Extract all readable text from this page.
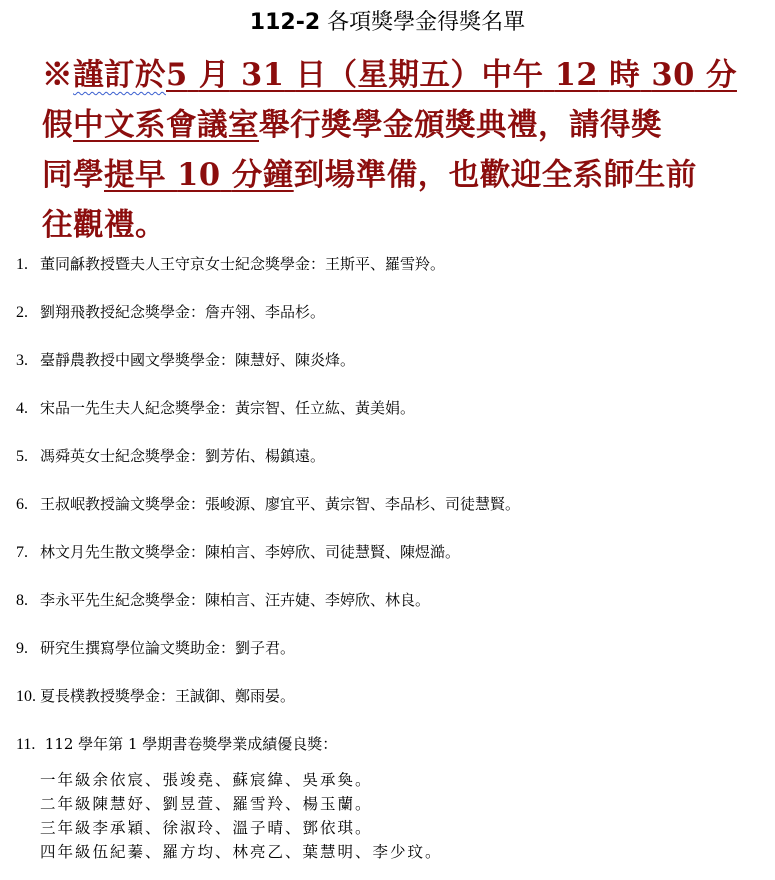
112-2 各項獎學金得獎名單
※謹訂於5 月 31 日（星期五）中午 12 時 30 分
假中文系會議室舉行獎學金頒獎典禮，請得獎
同學提早 10 分鐘到場準備，也歡迎全系師生前
往觀禮。
1. 董同龢教授暨夫人王守京女士紀念獎學金：王斯平、羅雪羚。
2. 劉翔飛教授紀念獎學金：詹卉翎、李品杉。
3. 臺靜農教授中國文學獎學金：陳慧妤、陳炎烽。
4. 宋品一先生夫人紀念獎學金：黃宗智、任立紘、黃美娟。
5. 馮舜英女士紀念獎學金：劉芳佑、楊鎮遠。
6. 王叔岷教授論文獎學金：張峻源、廖宜平、黃宗智、李品杉、司徒慧賢。
7. 林文月先生散文獎學金：陳柏言、李婷欣、司徒慧賢、陳煜澔。
8. 李永平先生紀念獎學金：陳柏言、汪卉婕、李婷欣、林良。
9. 研究生撰寫學位論文獎助金：劉子君。
10. 夏長樸教授獎學金：王誠御、鄭雨晏。
11. 112 學年第 1 學期書卷獎學業成績優良獎：
一年級余依宸、張竣堯、蘇宸緯、吳承奐。
二年級陳慧妤、劉昱萱、羅雪羚、楊玉蘭。
三年級李承穎、徐淑玲、溫子晴、鄧依琪。
四年級伍紀蓁、羅方均、林亮乙、葉慧明、李少玟。
